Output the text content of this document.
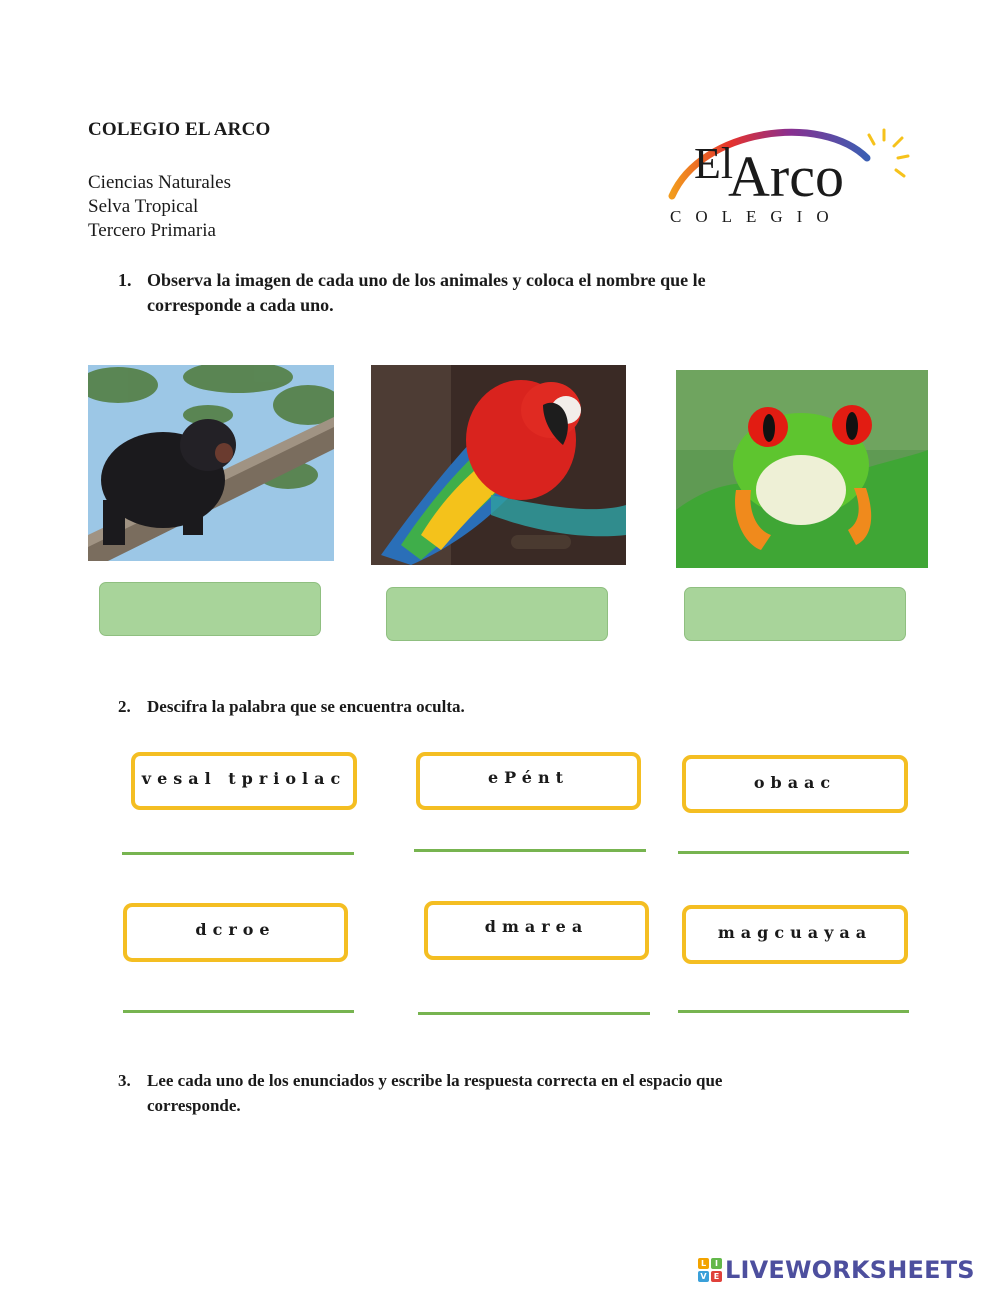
COLEGIO EL ARCO
Ciencias Naturales
Selva Tropical
Tercero Primaria
El
Arco
COLEGIO
1. Observa la imagen de cada uno de los animales y coloca el nombre que le
corresponde a cada uno.
2. Descifra la palabra que se encuentra oculta.
vesal tpriolac	ePént	obaac
dcroe	dmarea	magcuayaa
3. Lee cada uno de los enunciados y escribe la respuesta correcta en el espacio que
corresponde.
L	I
V E LIVEWORKSHEETS
